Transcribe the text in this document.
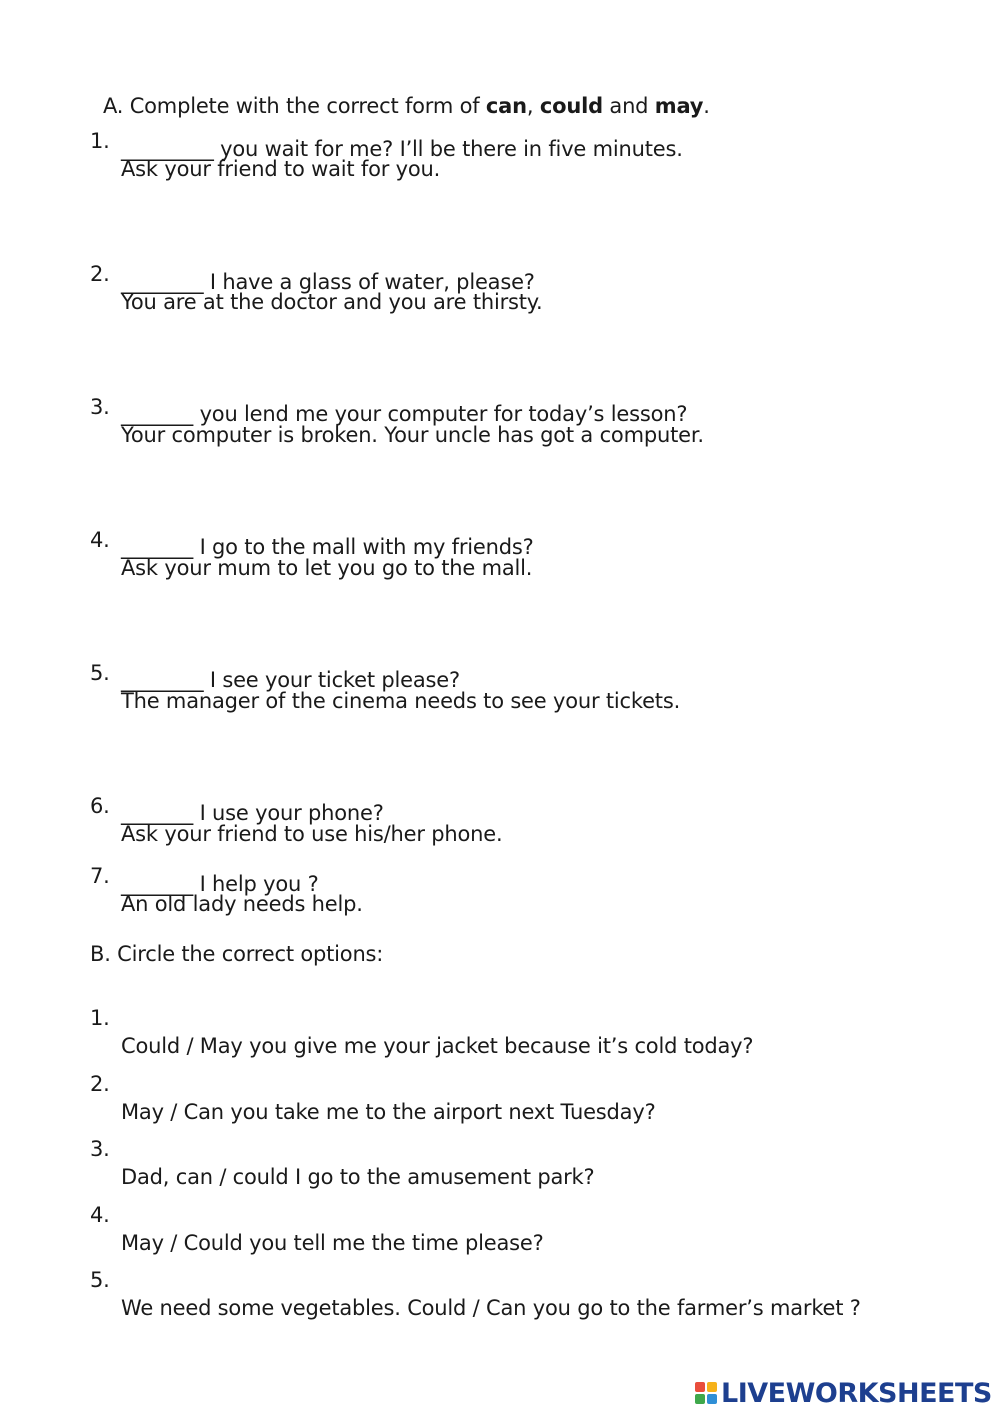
A. Complete with the correct form of can, could and may.

1.

Ask your friend to wait for you.

_________ you wait for me? I’ll be there in five minutes.

2.

You are at the doctor and you are thirsty.

________ I have a glass of water, please?

3.

Your computer is broken. Your uncle has got a computer.

_______ you lend me your computer for today’s lesson?

4.

Ask your mum to let you go to the mall.

_______ I go to the mall with my friends?

5.

The manager of the cinema needs to see your tickets.

________ I see your ticket please?

6.

Ask your friend to use his/her phone.

_______ I use your phone?

7.

An old lady needs help.

_______ I help you ?
B. Circle the correct options:

1.

Could / May you give me your jacket because it’s cold today?

2.

May / Can you take me to the airport next Tuesday?

3.

Dad, can / could I go to the amusement park?

4.

May / Could you tell me the time please?

5.

We need some vegetables. Could / Can you go to the farmer’s market ?

LIVEWORKSHEETS
